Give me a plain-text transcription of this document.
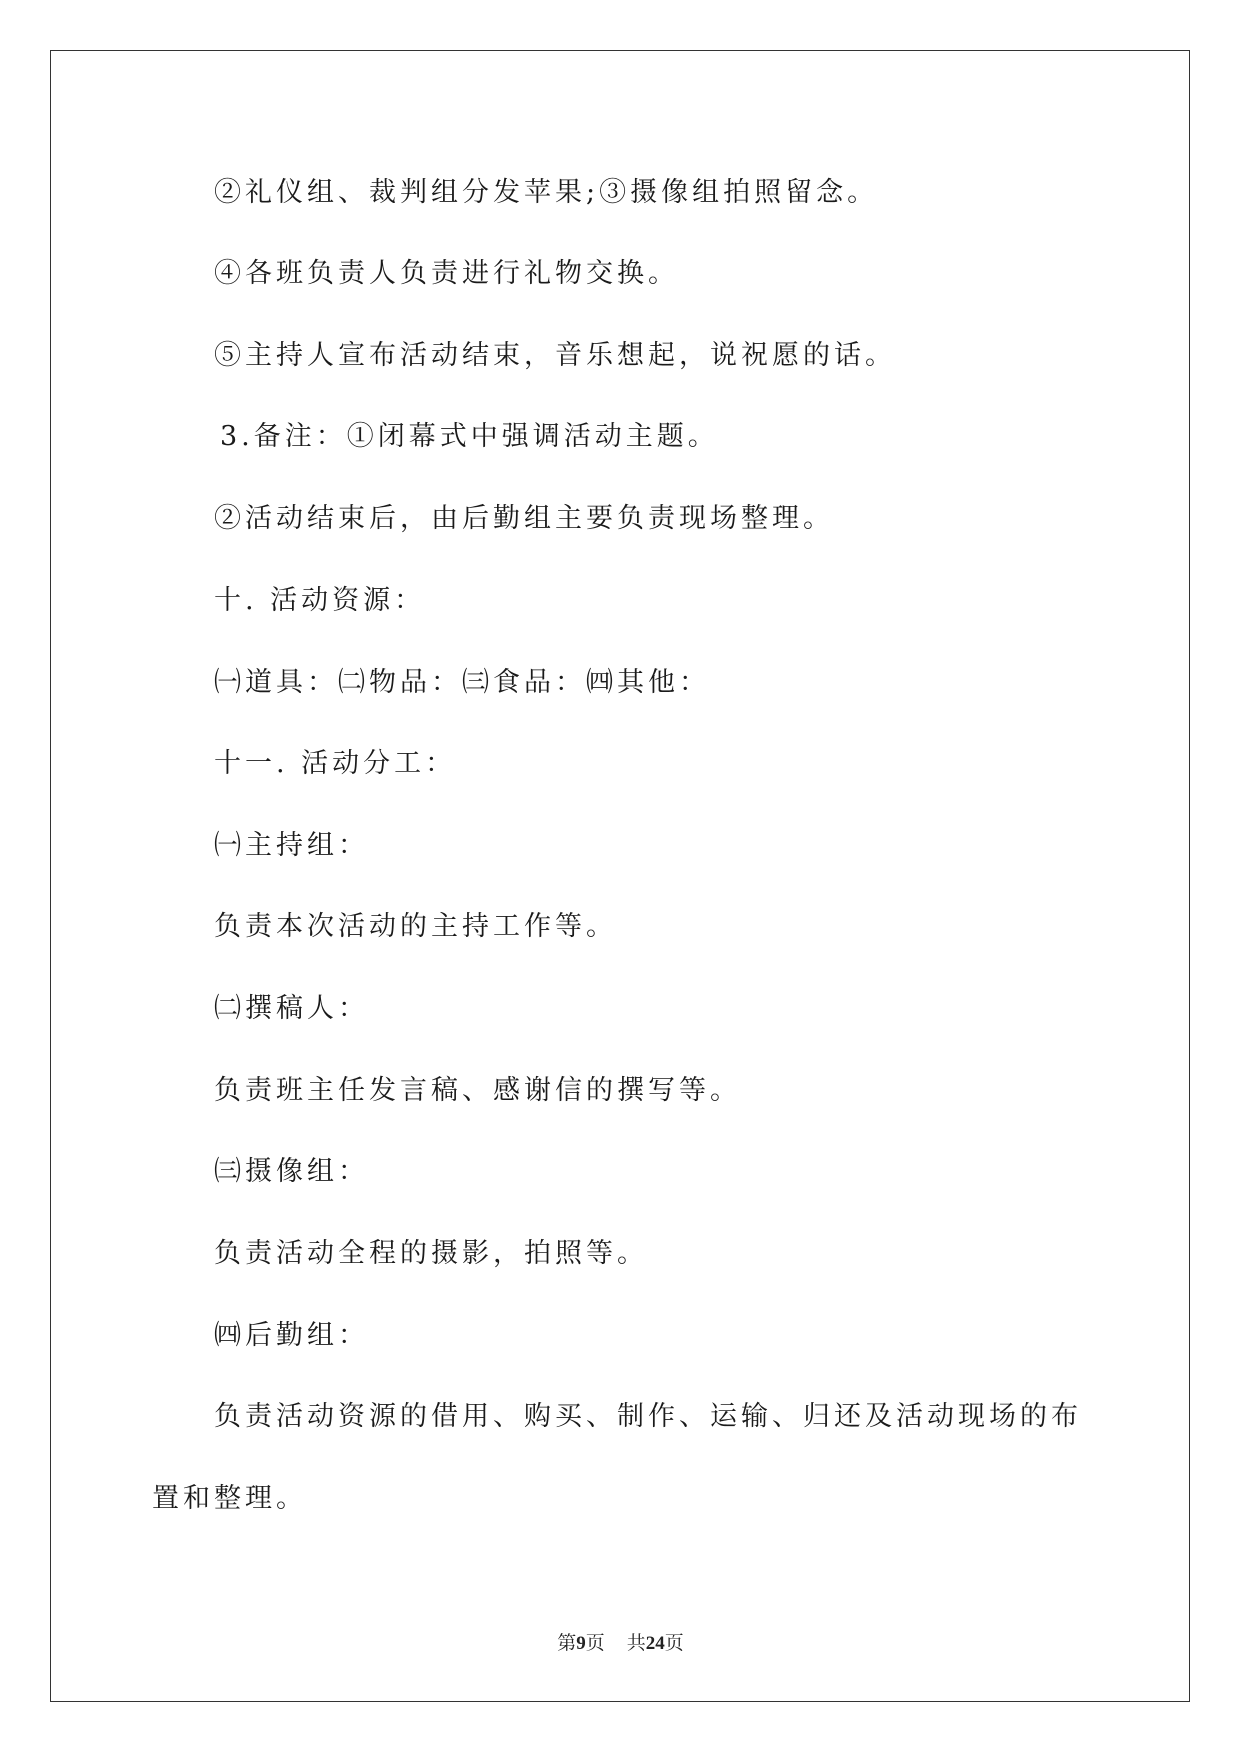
②礼仪组、裁判组分发苹果;③摄像组拍照留念。
④各班负责人负责进行礼物交换。
⑤主持人宣布活动结束，音乐想起，说祝愿的话。
3.备注：①闭幕式中强调活动主题。
②活动结束后，由后勤组主要负责现场整理。
十. 活动资源：
㈠道具：㈡物品：㈢食品：㈣其他：
十一. 活动分工：
㈠主持组：
负责本次活动的主持工作等。
㈡撰稿人：
负责班主任发言稿、感谢信的撰写等。
㈢摄像组：
负责活动全程的摄影，拍照等。
㈣后勤组：
负责活动资源的借用、购买、制作、运输、归还及活动现场的布
置和整理。
第9页 共24页
